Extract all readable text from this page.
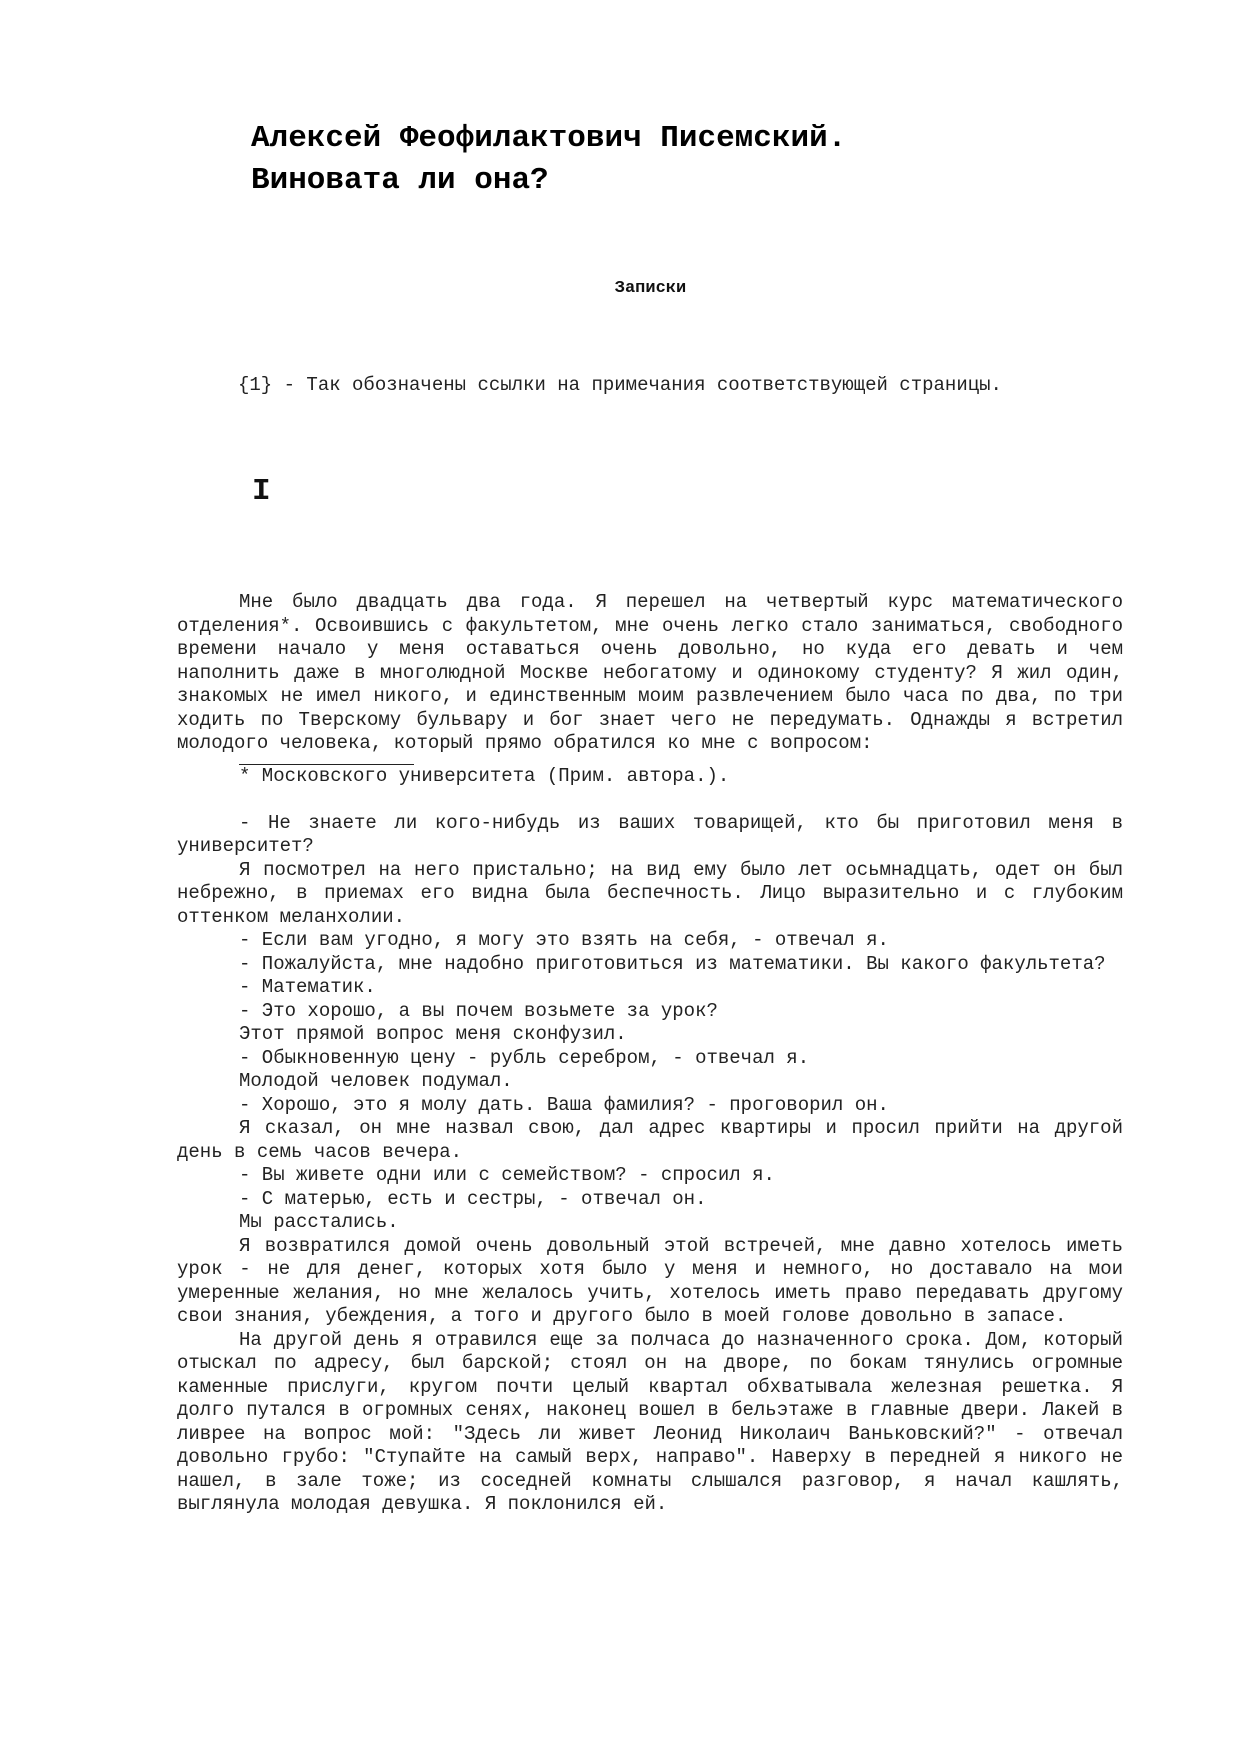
Алексей Феофилактович Писемский.
Виновата ли она?
Записки
{1} - Так обозначены ссылки на примечания соответствующей страницы.
I

Мне было двадцать два года. Я перешел на четвертый курс математического отделения*. Освоившись с факультетом, мне очень легко стало заниматься, свободного времени начало у меня оставаться очень довольно, но куда его девать и чем наполнить даже в многолюдной Москве небогатому и одинокому студенту? Я жил один, знакомых не имел никого, и единственным моим развлечением было часа по два, по три ходить по Тверскому бульвару и бог знает чего не передумать. Однажды я встретил молодого человека, который прямо обратился ко мне с вопросом:

* Московского университета (Прим. автора.).

- Не знаете ли кого-нибудь из ваших товарищей, кто бы приготовил меня в университет?

Я посмотрел на него пристально; на вид ему было лет осьмнадцать, одет он был небрежно, в приемах его видна была беспечность. Лицо выразительно и с глубоким оттенком меланхолии.

- Если вам угодно, я могу это взять на себя, - отвечал я.

- Пожалуйста, мне надобно приготовиться из математики. Вы какого факультета?

- Математик.

- Это хорошо, а вы почем возьмете за урок?

Этот прямой вопрос меня сконфузил.

- Обыкновенную цену - рубль серебром, - отвечал я.

Молодой человек подумал.

- Хорошо, это я молу дать. Ваша фамилия? - проговорил он.

Я сказал, он мне назвал свою, дал адрес квартиры и просил прийти на другой день в семь часов вечера.

- Вы живете одни или с семейством? - спросил я.

- С матерью, есть и сестры, - отвечал он.

Мы расстались.

Я возвратился домой очень довольный этой встречей, мне давно хотелось иметь урок - не для денег, которых хотя было у меня и немного, но доставало на мои умеренные желания, но мне желалось учить, хотелось иметь право передавать другому свои знания, убеждения, а того и другого было в моей голове довольно в запасе.

На другой день я отравился еще за полчаса до назначенного срока. Дом, который отыскал по адресу, был барской; стоял он на дворе, по бокам тянулись огромные каменные прислуги, кругом почти целый квартал обхватывала железная решетка. Я долго путался в огромных сенях, наконец вошел в бельэтаже в главные двери. Лакей в ливрее на вопрос мой: "Здесь ли живет Леонид Николаич Ваньковский?" - отвечал довольно грубо: "Ступайте на самый верх, направо". Наверху в передней я никого не нашел, в зале тоже; из соседней комнаты слышался разговор, я начал кашлять, выглянула молодая девушка. Я поклонился ей.
